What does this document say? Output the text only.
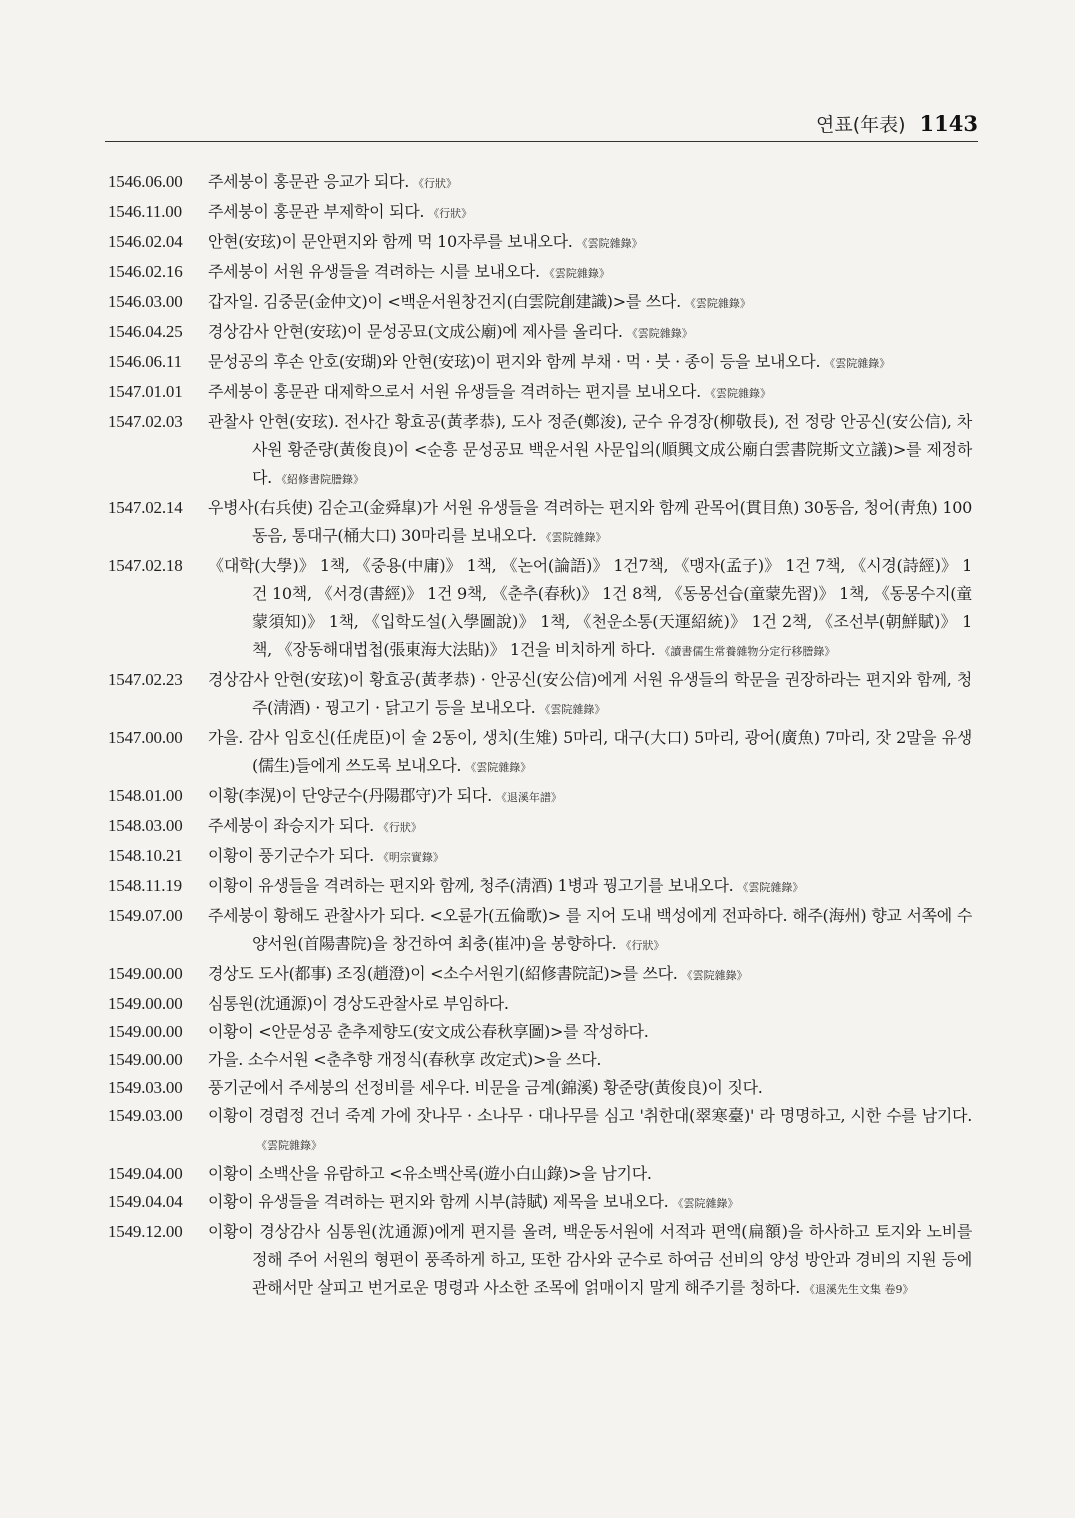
연표(年表) 1143
1546.06.00	주세붕이 홍문관 응교가 되다. 《行狀》
1546.11.00	주세붕이 홍문관 부제학이 되다. 《行狀》
1546.02.04	안현(安玹)이 문안편지와 함께 먹 10자루를 보내오다. 《雲院雜錄》
1546.02.16	주세붕이 서원 유생들을 격려하는 시를 보내오다. 《雲院雜錄》
1546.03.00	갑자일. 김중문(金仲文)이 <백운서원창건지(白雲院創建識)>를 쓰다. 《雲院雜錄》
1546.04.25	경상감사 안현(安玹)이 문성공묘(文成公廟)에 제사를 올리다. 《雲院雜錄》
1546.06.11	문성공의 후손 안호(安瑚)와 안현(安玹)이 편지와 함께 부채 · 먹 · 붓 · 종이 등을 보내오다. 《雲院雜錄》
1547.01.01	주세붕이 홍문관 대제학으로서 서원 유생들을 격려하는 편지를 보내오다. 《雲院雜錄》
1547.02.03	관찰사 안현(安玹). 전사간 황효공(黃孝恭), 도사 정준(鄭浚), 군수 유경장(柳敬長), 전 정랑 안공신(安公信), 차사원 황준량(黃俊良)이 <순흥 문성공묘 백운서원 사문입의(順興文成公廟白雲書院斯文立議)>를 제정하다. 《紹修書院謄錄》
1547.02.14	우병사(右兵使) 김순고(金舜皐)가 서원 유생들을 격려하는 편지와 함께 관목어(貫目魚) 30동음, 청어(靑魚) 100동음, 통대구(桶大口) 30마리를 보내오다. 《雲院雜錄》
1547.02.18	《대학(大學)》 1책, 《중용(中庸)》 1책, 《논어(論語)》 1건7책, 《맹자(孟子)》 1건 7책, 《시경(詩經)》 1건 10책, 《서경(書經)》 1건 9책, 《춘추(春秋)》 1건 8책, 《동몽선습(童蒙先習)》 1책, 《동몽수지(童蒙須知)》 1책, 《입학도설(入學圖說)》 1책, 《천운소통(天運紹統)》 1건 2책, 《조선부(朝鮮賦)》 1책, 《장동해대법첩(張東海大法貼)》 1건을 비치하게 하다. 《讀書儒生常養雜物分定行移謄錄》
1547.02.23	경상감사 안현(安玹)이 황효공(黃孝恭) · 안공신(安公信)에게 서원 유생들의 학문을 권장하라는 편지와 함께, 청주(淸酒) · 꿩고기 · 닭고기 등을 보내오다. 《雲院雜錄》
1547.00.00	가을. 감사 임호신(任虎臣)이 술 2동이, 생치(生雉) 5마리, 대구(大口) 5마리, 광어(廣魚) 7마리, 잣 2말을 유생(儒生)들에게 쓰도록 보내오다. 《雲院雜錄》
1548.01.00	이황(李滉)이 단양군수(丹陽郡守)가 되다. 《退溪年譜》
1548.03.00	주세붕이 좌승지가 되다. 《行狀》
1548.10.21	이황이 풍기군수가 되다. 《明宗實錄》
1548.11.19	이황이 유생들을 격려하는 편지와 함께, 청주(淸酒) 1병과 꿩고기를 보내오다. 《雲院雜錄》
1549.07.00	주세붕이 황해도 관찰사가 되다. <오륜가(五倫歌)> 를 지어 도내 백성에게 전파하다. 해주(海州) 향교 서쪽에 수양서원(首陽書院)을 창건하여 최충(崔冲)을 봉향하다. 《行狀》
1549.00.00	경상도 도사(都事) 조징(趙澄)이 <소수서원기(紹修書院記)>를 쓰다. 《雲院雜錄》
1549.00.00	심통원(沈通源)이 경상도관찰사로 부임하다.
1549.00.00	이황이 <안문성공 춘추제향도(安文成公春秋享圖)>를 작성하다.
1549.00.00	가을. 소수서원 <춘추향 개정식(春秋享 改定式)>을 쓰다.
1549.03.00	풍기군에서 주세붕의 선정비를 세우다. 비문을 금계(錦溪) 황준량(黃俊良)이 짓다.
1549.03.00	이황이 경렴정 건너 죽계 가에 잣나무 · 소나무 · 대나무를 심고 '취한대(翠寒臺)' 라 명명하고, 시한 수를 남기다.《雲院雜錄》
1549.04.00	이황이 소백산을 유람하고 <유소백산록(遊小白山錄)>을 남기다.
1549.04.04	이황이 유생들을 격려하는 편지와 함께 시부(詩賦) 제목을 보내오다. 《雲院雜錄》
1549.12.00	이황이 경상감사 심통원(沈通源)에게 편지를 올려, 백운동서원에 서적과 편액(扁額)을 하사하고 토지와 노비를 정해 주어 서원의 형편이 풍족하게 하고, 또한 감사와 군수로 하여금 선비의 양성 방안과 경비의 지원 등에 관해서만 살피고 번거로운 명령과 사소한 조목에 얽매이지 말게 해주기를 청하다. 《退溪先生文集 卷9》
